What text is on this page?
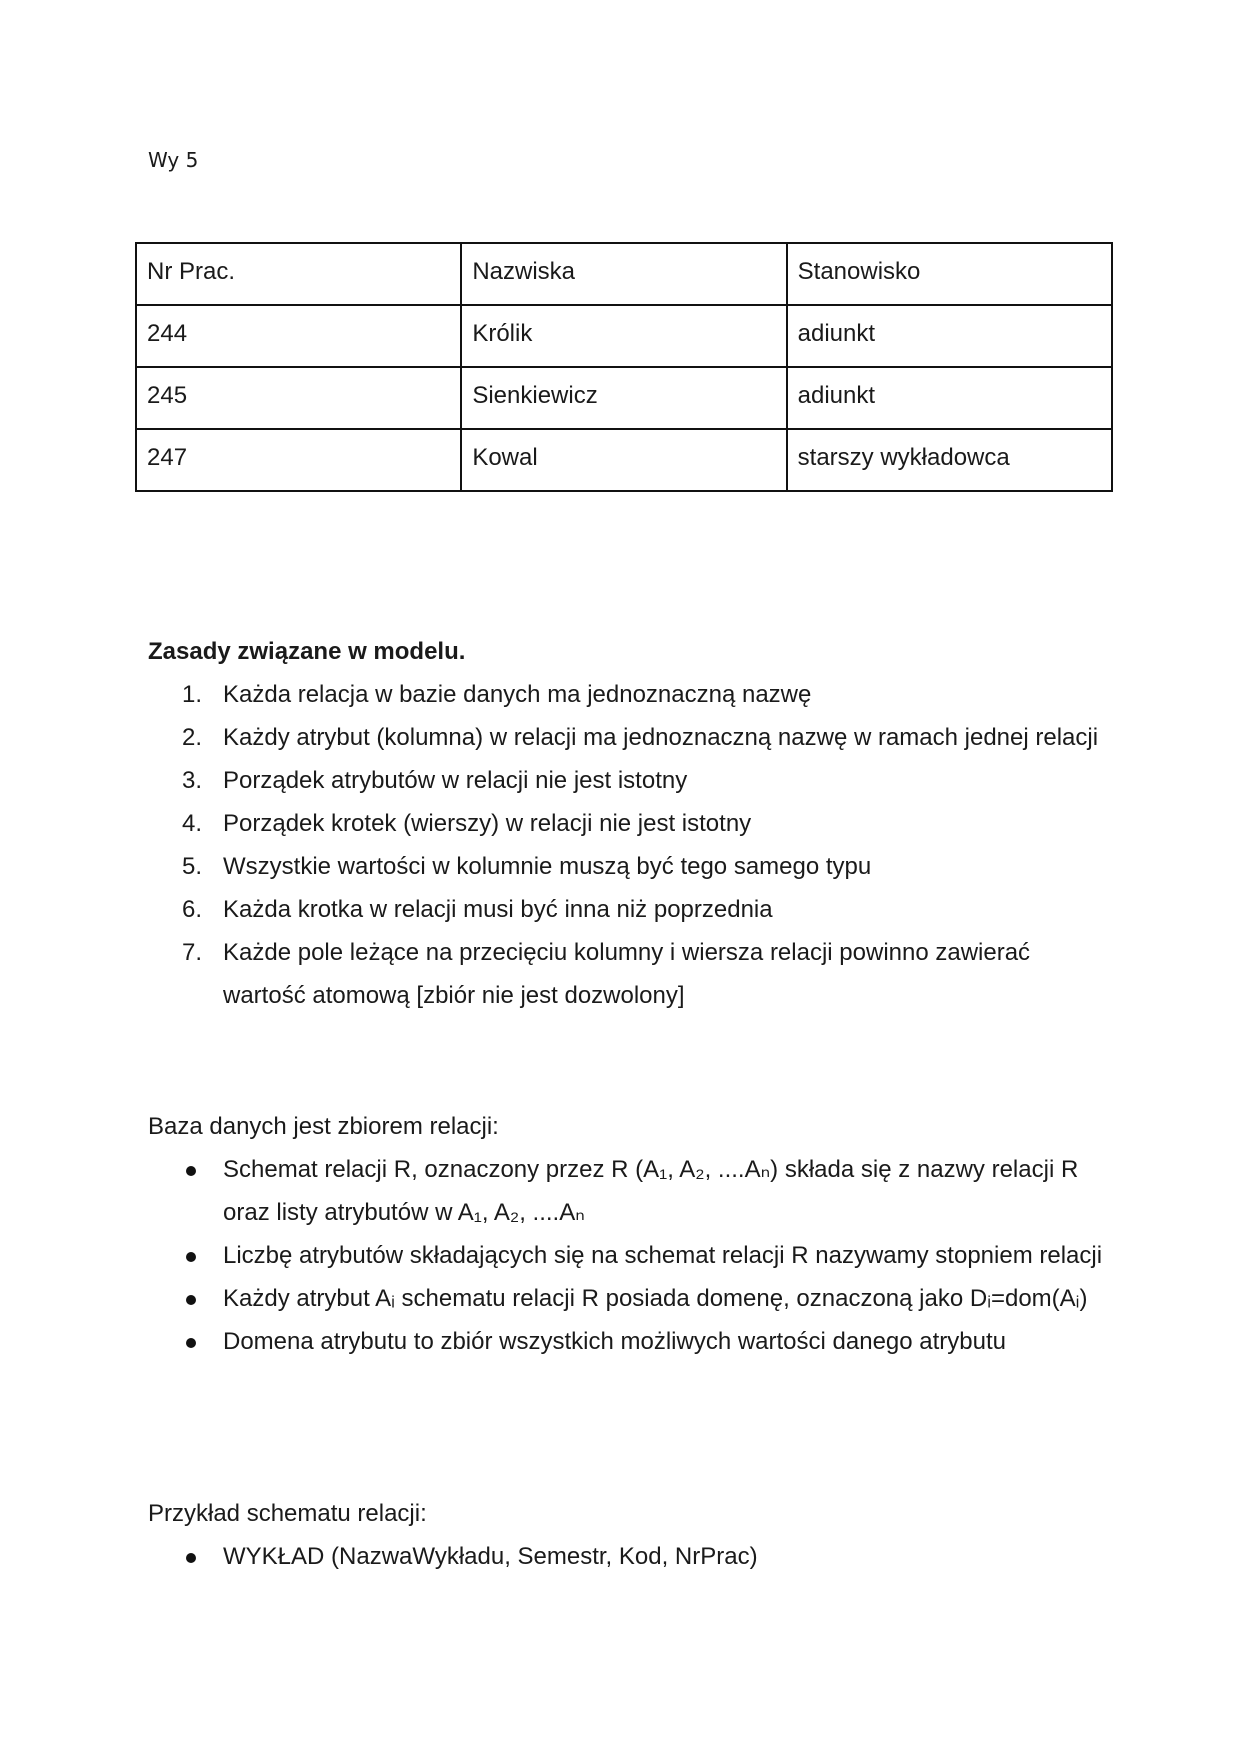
Wy 5
Nr Prac.	Nazwiska	Stanowisko
244	Królik	adiunkt
245	Sienkiewicz	adiunkt
247	Kowal	starszy wykładowca
Zasady związane w modelu.
1. Każda relacja w bazie danych ma jednoznaczną nazwę
2. Każdy atrybut (kolumna) w relacji ma jednoznaczną nazwę w ramach jednej relacji
3. Porządek atrybutów w relacji nie jest istotny
4. Porządek krotek (wierszy) w relacji nie jest istotny
5. Wszystkie wartości w kolumnie muszą być tego samego typu
6. Każda krotka w relacji musi być inna niż poprzednia
7. Każde pole leżące na przecięciu kolumny i wiersza relacji powinno zawierać wartość atomową [zbiór nie jest dozwolony]
Baza danych jest zbiorem relacji:
Schemat relacji R, oznaczony przez R (A₁, A₂, ....Aₙ) składa się z nazwy relacji R oraz listy atrybutów w A₁, A₂, ....Aₙ
Liczbę atrybutów składających się na schemat relacji R nazywamy stopniem relacji
Każdy atrybut Aᵢ schematu relacji R posiada domenę, oznaczoną jako Dᵢ=dom(Aᵢ)
Domena atrybutu to zbiór wszystkich możliwych wartości danego atrybutu
Przykład schematu relacji:
WYKŁAD (NazwaWykładu, Semestr, Kod, NrPrac)
